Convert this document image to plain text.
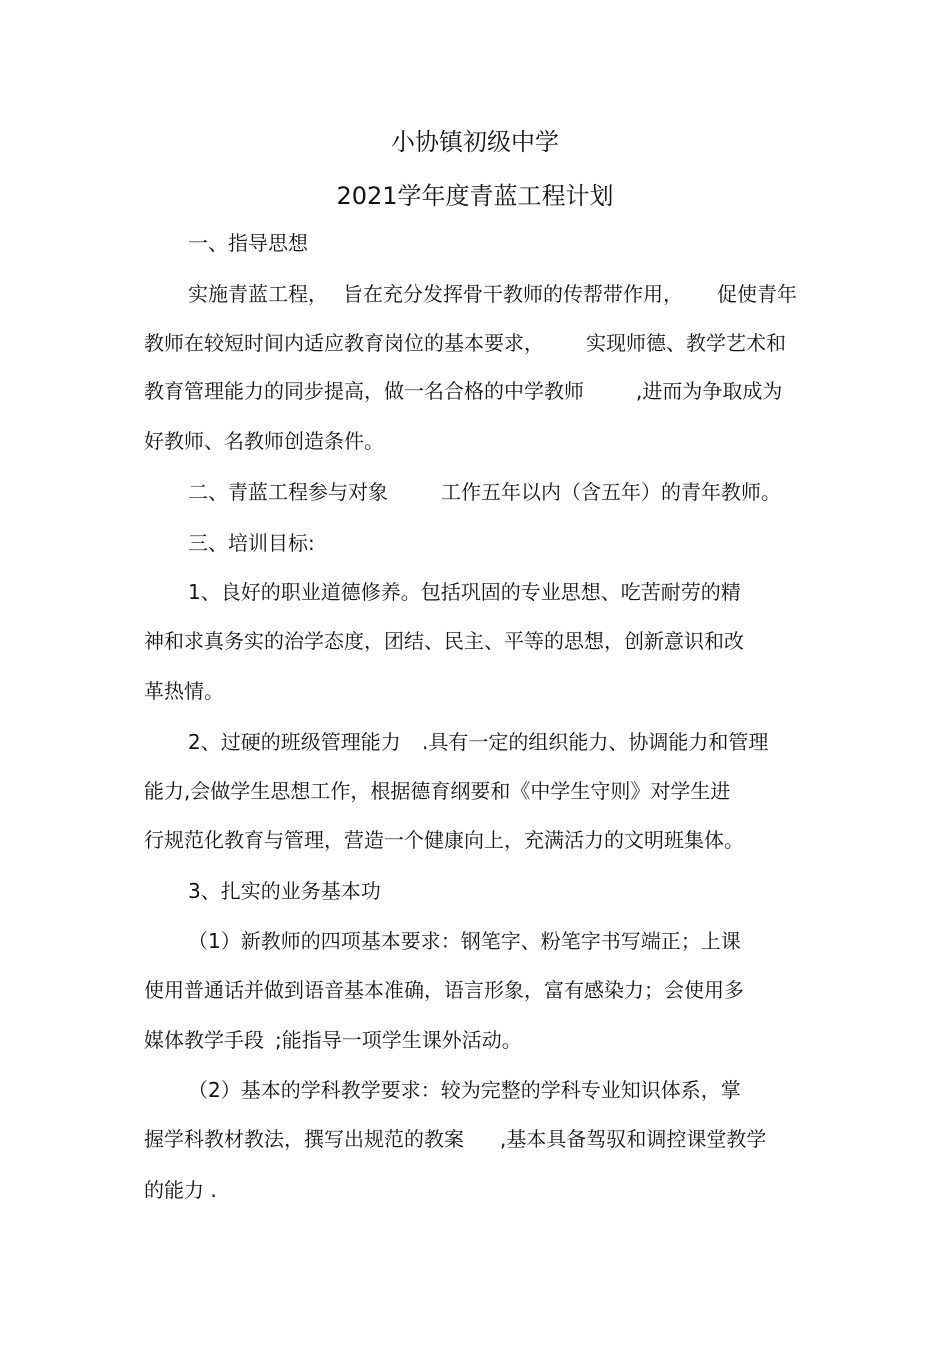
小协镇初级中学
2021学年度青蓝工程计划
一、指导思想
实施青蓝工程， 旨在充分发挥骨干教师的传帮带作用， 促使青年
教师在较短时间内适应教育岗位的基本要求， 实现师德、教学艺术和
教育管理能力的同步提高，做一名合格的中学教师	,进而为争取成为
好教师、名教师创造条件。
二、青蓝工程参与对象	工作五年以内（含五年）的青年教师。
三、培训目标:
1、良好的职业道德修养。包括巩固的专业思想、吃苦耐劳的精
神和求真务实的治学态度，团结、民主、平等的思想，创新意识和改
革热情。
2、过硬的班级管理能力 .具有一定的组织能力、协调能力和管理
能力,会做学生思想工作，根据德育纲要和《中学生守则》对学生进
行规范化教育与管理，营造一个健康向上，充满活力的文明班集体。
3、扎实的业务基本功
（1）新教师的四项基本要求：钢笔字、粉笔字书写端正；上课
使用普通话并做到语音基本准确，语言形象，富有感染力；会使用多
媒体教学手段 ;能指导一项学生课外活动。
（2）基本的学科教学要求：较为完整的学科专业知识体系，掌
握学科教材教法，撰写出规范的教案 ,基本具备驾驭和调控课堂教学
的能力 .
